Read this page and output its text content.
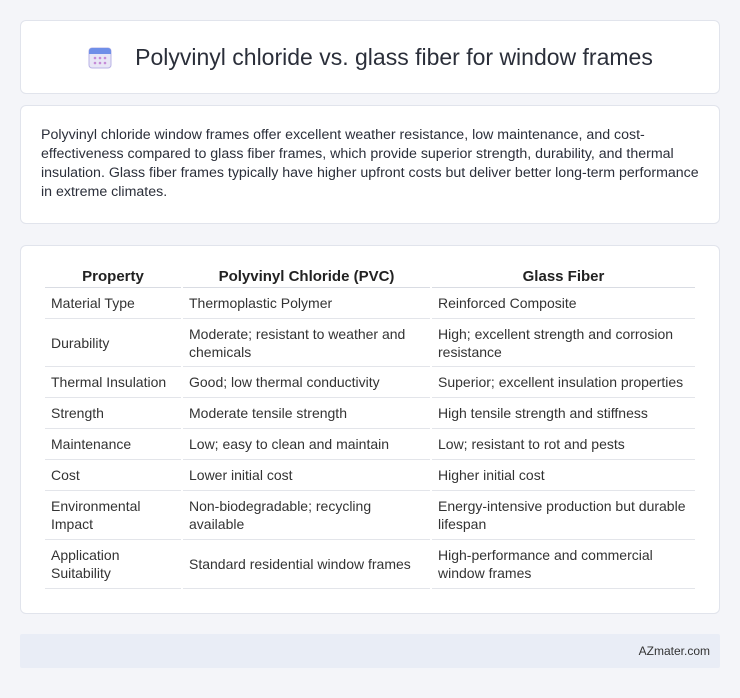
Polyvinyl chloride vs. glass fiber for window frames

Polyvinyl chloride window frames offer excellent weather resistance, low maintenance, and cost-effectiveness compared to glass fiber frames, which provide superior strength, durability, and thermal insulation. Glass fiber frames typically have higher upfront costs but deliver better long-term performance in extreme climates.

Property	Polyvinyl Chloride (PVC)	Glass Fiber
Material Type	Thermoplastic Polymer	Reinforced Composite
Durability	Moderate; resistant to weather and chemicals	High; excellent strength and corrosion resistance
Thermal Insulation	Good; low thermal conductivity	Superior; excellent insulation properties
Strength	Moderate tensile strength	High tensile strength and stiffness
Maintenance	Low; easy to clean and maintain	Low; resistant to rot and pests
Cost	Lower initial cost	Higher initial cost
Environmental Impact	Non-biodegradable; recycling available	Energy-intensive production but durable lifespan
Application Suitability	Standard residential window frames	High-performance and commercial window frames
AZmater.com
